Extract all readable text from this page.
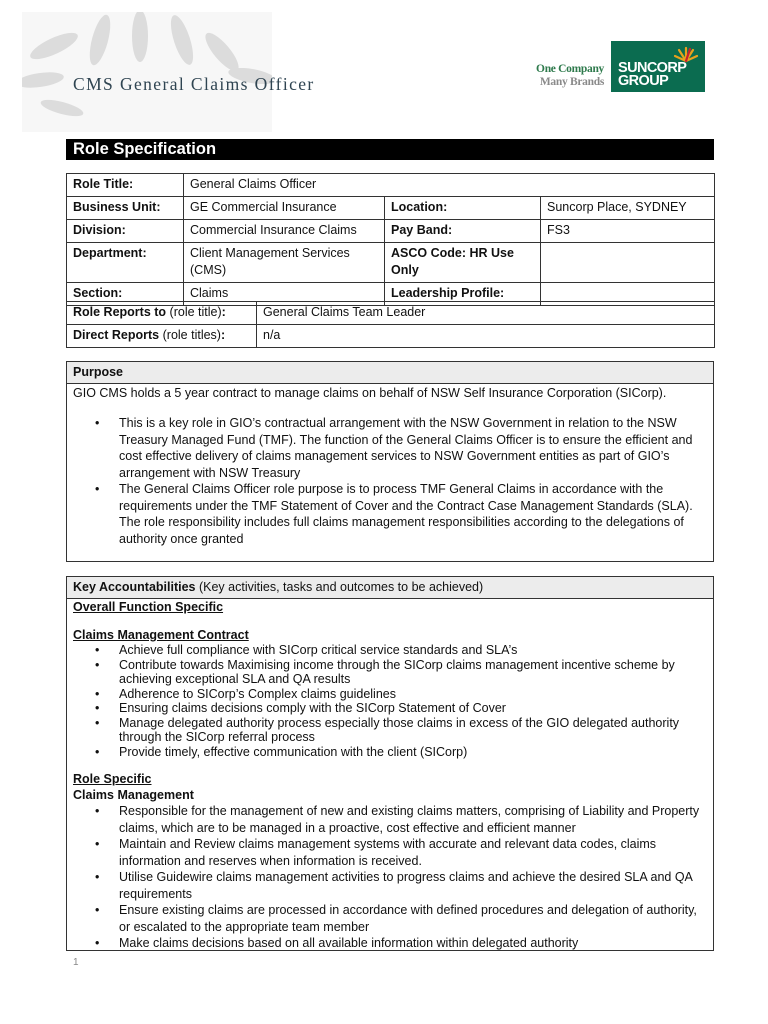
CMS General Claims Officer
One Company
Many Brands
SUNCORP
GROUP
Role Specification
Role Title:	General Claims Officer		
Business Unit:	GE Commercial Insurance	Location:	Suncorp Place, SYDNEY
Division:	Commercial Insurance Claims	Pay Band:	FS3
Department:	Client Management Services (CMS)	ASCO Code: HR Use Only	
Section:	Claims	Leadership Profile:	
Role Reports to (role title):	General Claims Team Leader
Direct Reports (role titles):	n/a
Purpose
GIO CMS holds a 5 year contract to manage claims on behalf of NSW Self Insurance Corporation (SICorp).
• This is a key role in GIO’s contractual arrangement with the NSW Government in relation to the NSW Treasury Managed Fund (TMF). The function of the General Claims Officer is to ensure the efficient and cost effective delivery of claims management services to NSW Government entities as part of GIO’s arrangement with NSW Treasury
• The General Claims Officer role purpose is to process TMF General Claims in accordance with the requirements under the TMF Statement of Cover and the Contract Case Management Standards (SLA). The role responsibility includes full claims management responsibilities according to the delegations of authority once granted
Key Accountabilities (Key activities, tasks and outcomes to be achieved)
Overall Function Specific
Claims Management Contract
• Achieve full compliance with SICorp critical service standards and SLA’s
• Contribute towards Maximising income through the SICorp claims management incentive scheme by achieving exceptional SLA and QA results
• Adherence to SICorp’s Complex claims guidelines
• Ensuring claims decisions comply with the SICorp Statement of Cover
• Manage delegated authority process especially those claims in excess of the GIO delegated authority through the SICorp referral process
• Provide timely, effective communication with the client (SICorp)
Role Specific
Claims Management
• Responsible for the management of new and existing claims matters, comprising of Liability and Property claims, which are to be managed in a proactive, cost effective and efficient manner
• Maintain and Review claims management systems with accurate and relevant data codes, claims information and reserves when information is received.
• Utilise Guidewire claims management activities to progress claims and achieve the desired SLA and QA requirements
• Ensure existing claims are processed in accordance with defined procedures and delegation of authority, or escalated to the appropriate team member
• Make claims decisions based on all available information within delegated authority
1
